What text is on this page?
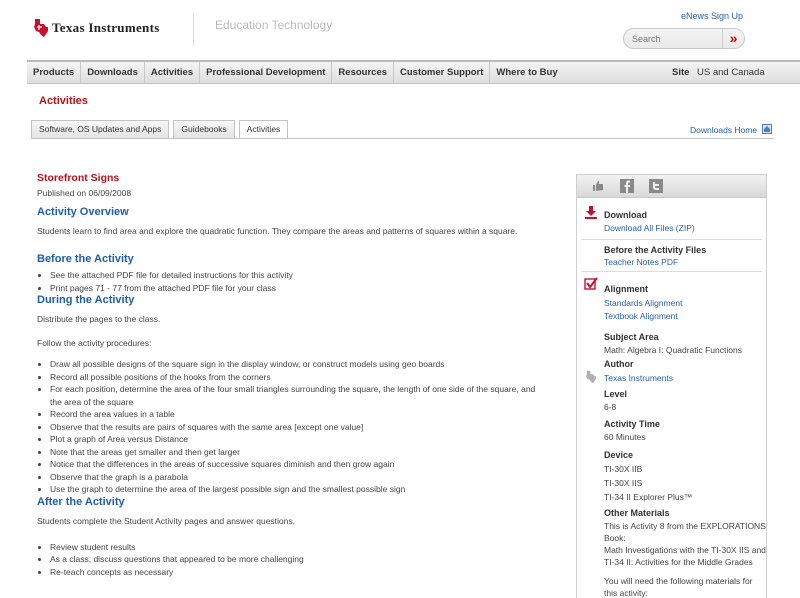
Texas Instruments	Education Technology
eNews Sign Up
Search
»
Products	Downloads	Activities	Professional Development	Resources	Customer Support	Where to Buy	Site US and Canada
Activities
Software, OS Updates and Apps	Guidebooks	Activities	Downloads Home
Storefront Signs
Published on 06/09/2008
Activity Overview
Students learn to find area and explore the quadratic function. They compare the areas and patterns of squares within a square.
Before the Activity
• See the attached PDF file for detailed instructions for this activity
• Print pages 71 - 77 from the attached PDF file for your class
During the Activity
Distribute the pages to the class.
Follow the activity procedures:
• Draw all possible designs of the square sign in the display window, or construct models using geo boards
• Record all possible positions of the hooks from the corners
• For each position, determine the area of the four small triangles surrounding the square, the length of one side of the square, and the area of the square
• Record the area values in a table
• Observe that the results are pairs of squares with the same area [except one value]
• Plot a graph of Area versus Distance
• Note that the areas get smaller and then get larger
• Notice that the differences in the areas of successive squares diminish and then grow again
• Observe that the graph is a parabola
• Use the graph to determine the area of the largest possible sign and the smallest possible sign
After the Activity
Students complete the Student Activity pages and answer questions.
• Review student results
• As a class, discuss questions that appeared to be more challenging
• Re-teach concepts as necessary
Download
Download All Files (ZIP)
Before the Activity Files
Teacher Notes PDF
Alignment
Standards Alignment
Textbook Alignment
Subject Area
Math: Algebra I: Quadratic Functions
Author
Texas Instruments
Level
6-8
Activity Time
60 Minutes
Device
TI-30X IIB
TI-30X IIS
TI-34 II Explorer Plus™
Other Materials
This is Activity 8 from the EXPLORATIONS Book:
Math Investigations with the TI-30X IIS and TI-34 II: Activities for the Middle Grades
You will need the following materials for this activity:
